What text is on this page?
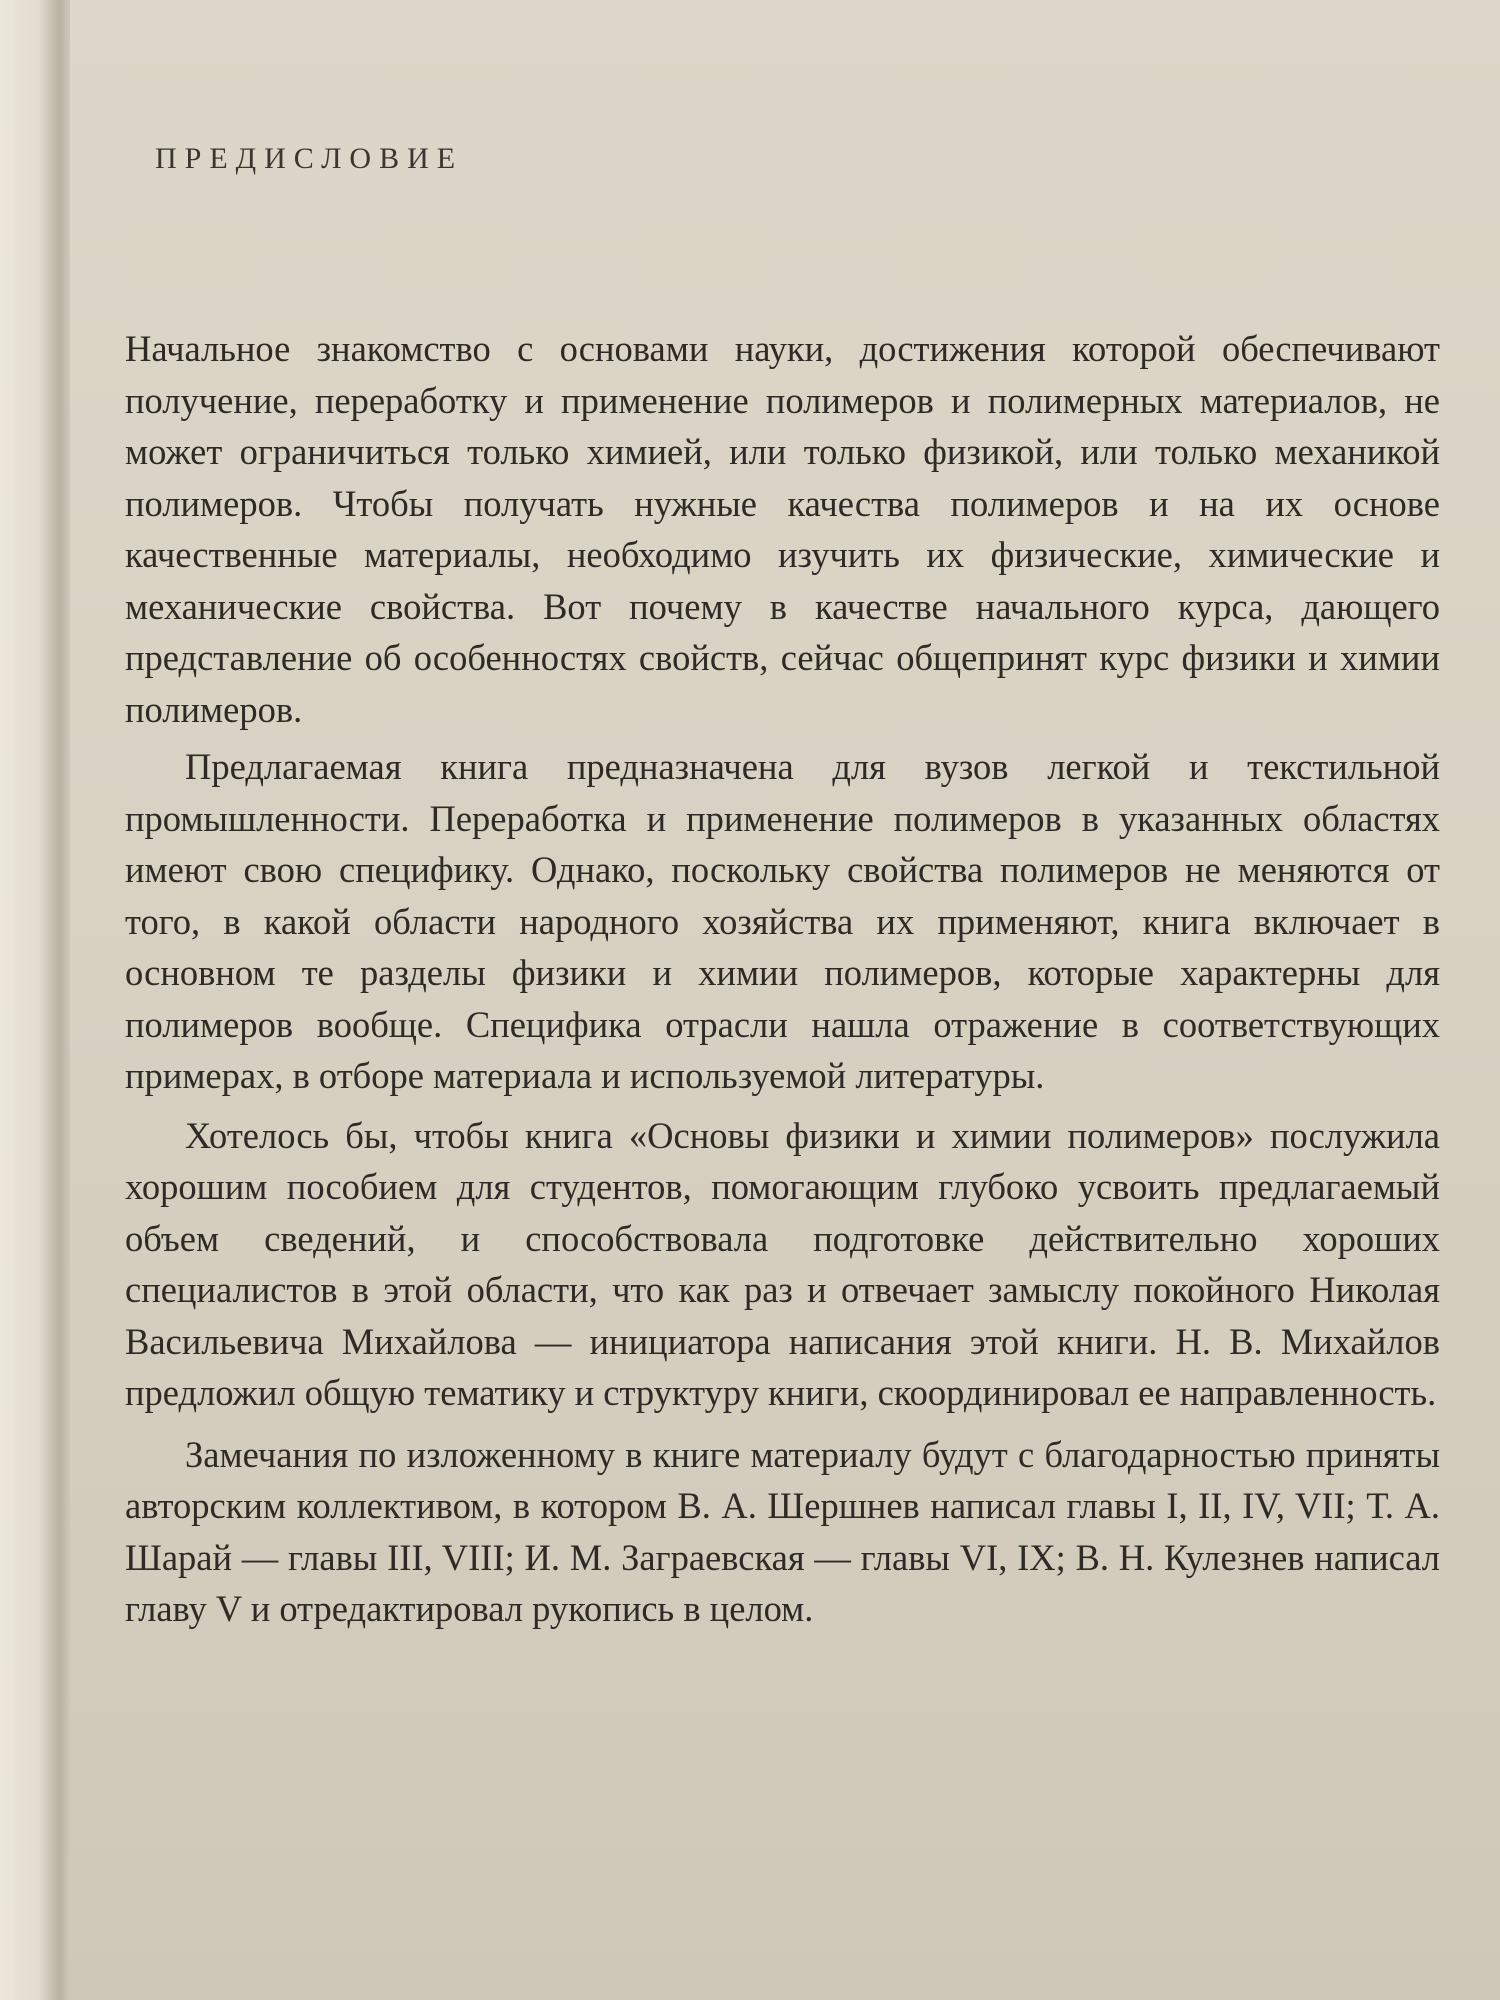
ПРЕДИСЛОВИЕ

Начальное знакомство с основами науки, достижения которой обеспечивают получение, переработку и применение полимеров и полимерных материалов, не может ограничиться только химией, или только физикой, или только механикой полимеров. Чтобы получать нужные качества полимеров и на их основе качественные материалы, необходимо изучить их физические, химические и механические свойства. Вот почему в качестве начального курса, дающего представление об особенностях свойств, сейчас общепринят курс физики и химии полимеров.

Предлагаемая книга предназначена для вузов легкой и текстильной промышленности. Переработка и применение полимеров в указанных областях имеют свою специфику. Однако, поскольку свойства полимеров не меняются от того, в какой области народного хозяйства их применяют, книга включает в основном те разделы физики и химии полимеров, которые характерны для полимеров вообще. Специфика отрасли нашла отражение в соответствующих примерах, в отборе материала и используемой литературы.

Хотелось бы, чтобы книга «Основы физики и химии полимеров» послужила хорошим пособием для студентов, помогающим глубоко усвоить предлагаемый объем сведений, и способствовала подготовке действительно хороших специалистов в этой области, что как раз и отвечает замыслу покойного Николая Васильевича Михайлова — инициатора написания этой книги. Н. В. Михайлов предложил общую тематику и структуру книги, скоординировал ее направленность.

Замечания по изложенному в книге материалу будут с благодарностью приняты авторским коллективом, в котором В. А. Шершнев написал главы I, II, IV, VII; Т. А. Шарай — главы III, VIII; И. М. Заграевская — главы VI, IX; В. Н. Кулезнев написал главу V и отредактировал рукопись в целом.
